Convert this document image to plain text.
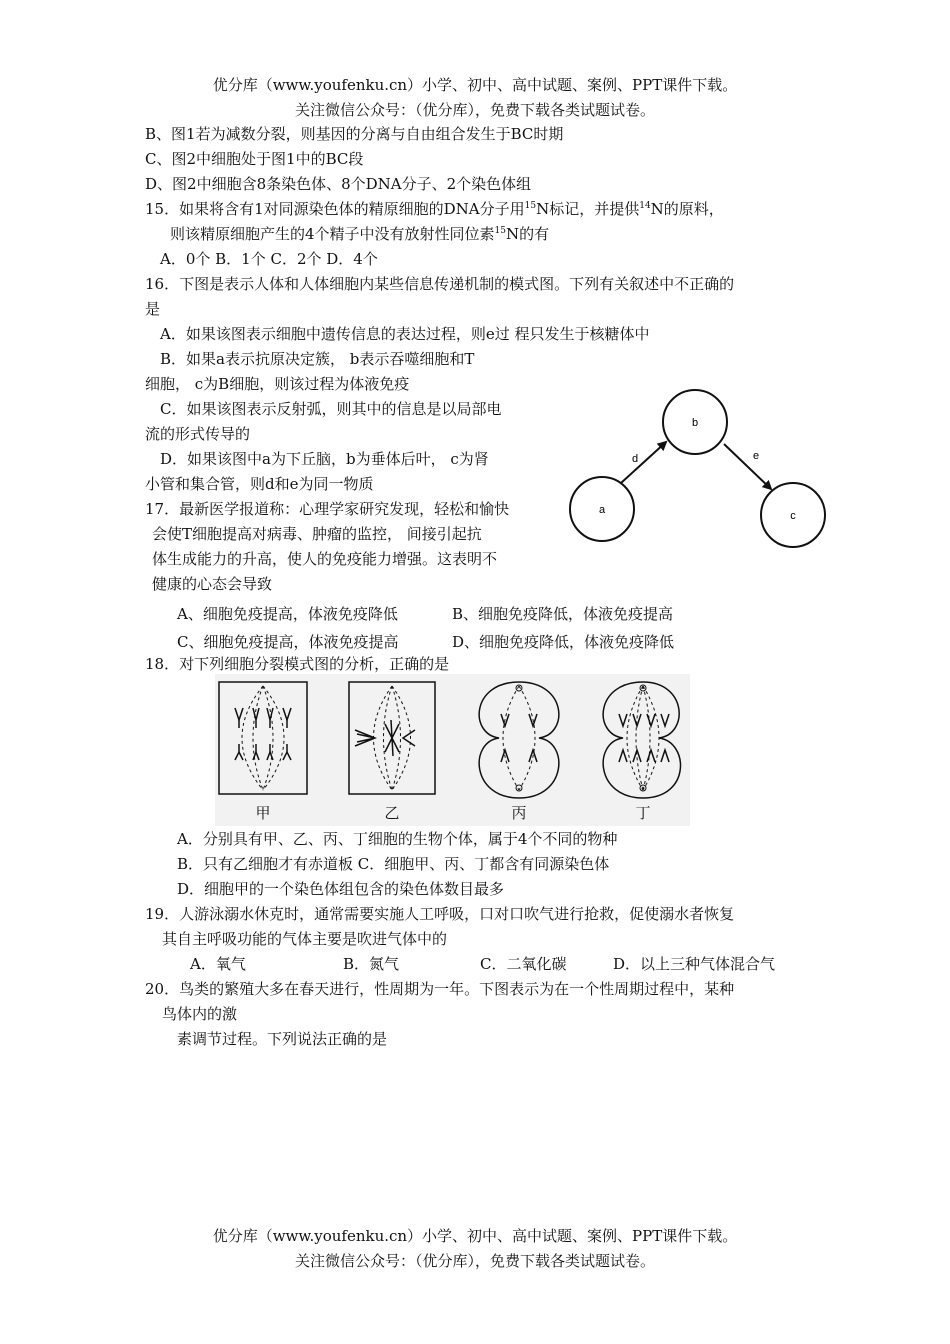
优分库（www.youfenku.cn）小学、初中、高中试题、案例、PPT课件下载。
关注微信公众号：（优分库），免费下载各类试题试卷。
B、图1若为减数分裂，则基因的分离与自由组合发生于BC时期
C、图2中细胞处于图1中的BC段
D、图2中细胞含8条染色体、8个DNA分子、2个染色体组
15．如果将含有1对同源染色体的精原细胞的DNA分子用$^{15}$N标记，并提供$^{14}$N的原料，
则该精原细胞产生的4个精子中没有放射性同位素$^{15}$N的有
A．0个 B．1个 C．2个 D．4个
16．下图是表示人体和人体细胞内某些信息传递机制的模式图。下列有关叙述中不正确的
是
A．如果该图表示细胞中遗传信息的表达过程，则e过 程只发生于核糖体中
B．如果a表示抗原决定簇， b表示吞噬细胞和T
细胞， c为B细胞，则该过程为体液免疫
C．如果该图表示反射弧，则其中的信息是以局部电
流的形式传导的
D．如果该图中a为下丘脑，b为垂体后叶， c为肾
小管和集合管，则d和e为同一物质
a
b
c
d	e
17．最新医学报道称：心理学家研究发现，轻松和愉快
会使T细胞提高对病毒、肿瘤的监控， 间接引起抗
体生成能力的升高，使人的免疫能力增强。这表明不
健康的心态会导致
A、细胞免疫提高，体液免疫降低	B、细胞免疫降低，体液免疫提高
C、细胞免疫提高，体液免疫提高	D、细胞免疫降低，体液免疫降低
18．对下列细胞分裂模式图的分析，正确的是
甲	乙	丙	丁
A．分别具有甲、乙、丙、丁细胞的生物个体，属于4个不同的物种
B．只有乙细胞才有赤道板 C．细胞甲、丙、丁都含有同源染色体
D．细胞甲的一个染色体组包含的染色体数目最多
19．人游泳溺水休克时，通常需要实施人工呼吸，口对口吹气进行抢救，促使溺水者恢复
其自主呼吸功能的气体主要是吹进气体中的
A．氧气	B．氮气	C．二氧化碳	D．以上三种气体混合气
20．鸟类的繁殖大多在春天进行，性周期为一年。下图表示为在一个性周期过程中，某种
鸟体内的激
素调节过程。下列说法正确的是
优分库（www.youfenku.cn）小学、初中、高中试题、案例、PPT课件下载。
关注微信公众号：（优分库），免费下载各类试题试卷。
